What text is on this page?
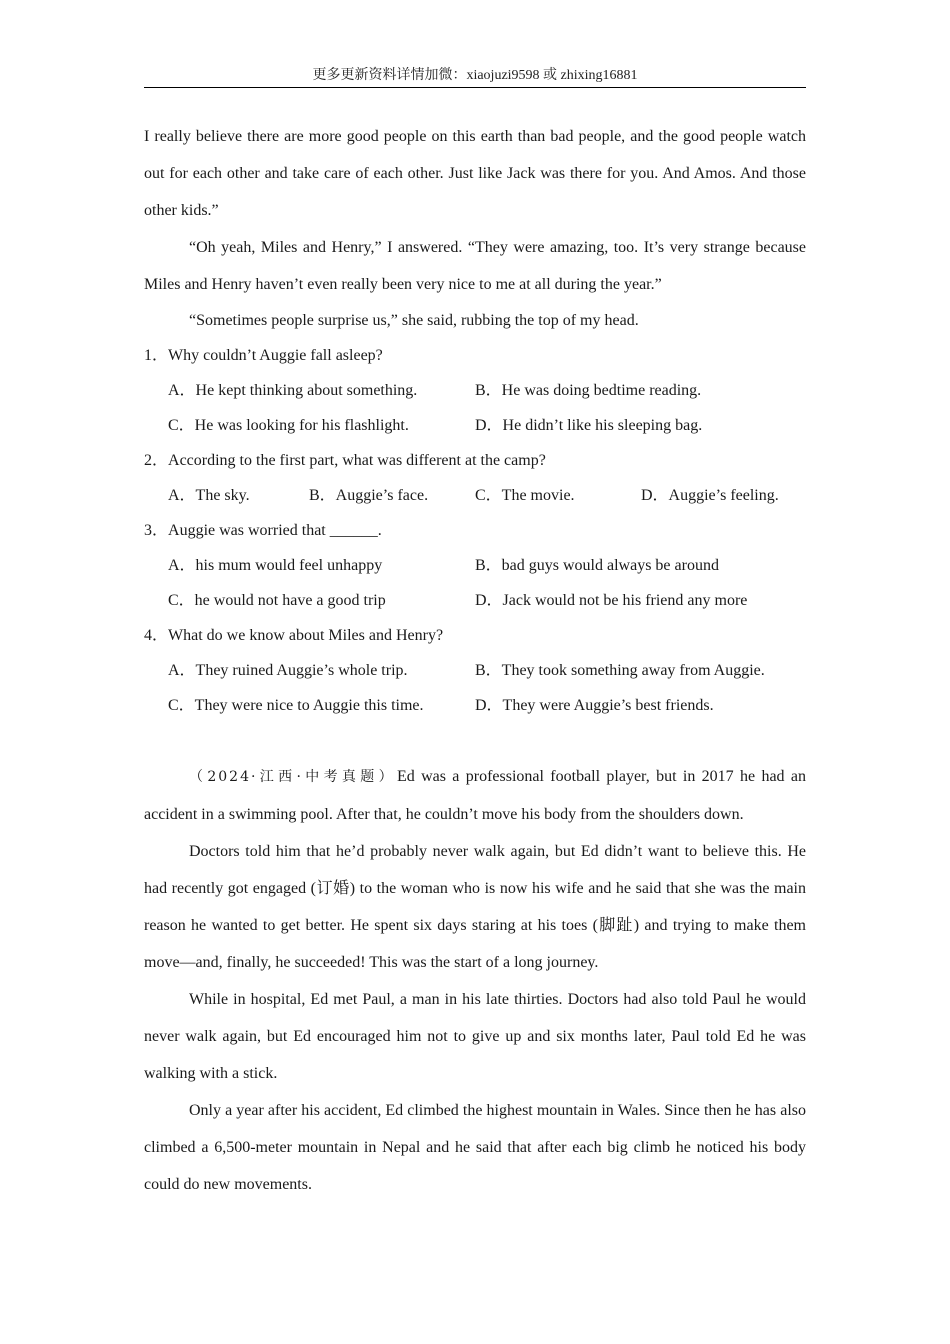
更多更新资料详情加微：xiaojuzi9598 或 zhixing16881

I really believe there are more good people on this earth than bad people, and the good people watch out for each other and take care of each other. Just like Jack was there for you. And Amos. And those other kids.”

“Oh yeah, Miles and Henry,” I answered. “They were amazing, too. It’s very strange because Miles and Henry haven’t even really been very nice to me at all during the year.”

“Sometimes people surprise us,” she said, rubbing the top of my head.

1．Why couldn’t Auggie fall asleep?
A．He kept thinking about something.	B．He was doing bedtime reading.
C．He was looking for his flashlight.	D．He didn’t like his sleeping bag.
2．According to the first part, what was different at the camp?
A．The sky.	B．Auggie’s face.	C．The movie.	D．Auggie’s feeling.
3．Auggie was worried that ______.
A．his mum would feel unhappy	B．bad guys would always be around
C．he would not have a good trip	D．Jack would not be his friend any more
4．What do we know about Miles and Henry?
A．They ruined Auggie’s whole trip.	B．They took something away from Auggie.
C．They were nice to Auggie this time.	D．They were Auggie’s best friends.

（2024·江西·中考真题）Ed was a professional football player, but in 2017 he had an accident in a swimming pool. After that, he couldn’t move his body from the shoulders down.

Doctors told him that he’d probably never walk again, but Ed didn’t want to believe this. He had recently got engaged (订婚) to the woman who is now his wife and he said that she was the main reason he wanted to get better. He spent six days staring at his toes (脚趾) and trying to make them move—and, finally, he succeeded! This was the start of a long journey.

While in hospital, Ed met Paul, a man in his late thirties. Doctors had also told Paul he would never walk again, but Ed encouraged him not to give up and six months later, Paul told Ed he was walking with a stick.

Only a year after his accident, Ed climbed the highest mountain in Wales. Since then he has also climbed a 6,500-meter mountain in Nepal and he said that after each big climb he noticed his body could do new movements.
